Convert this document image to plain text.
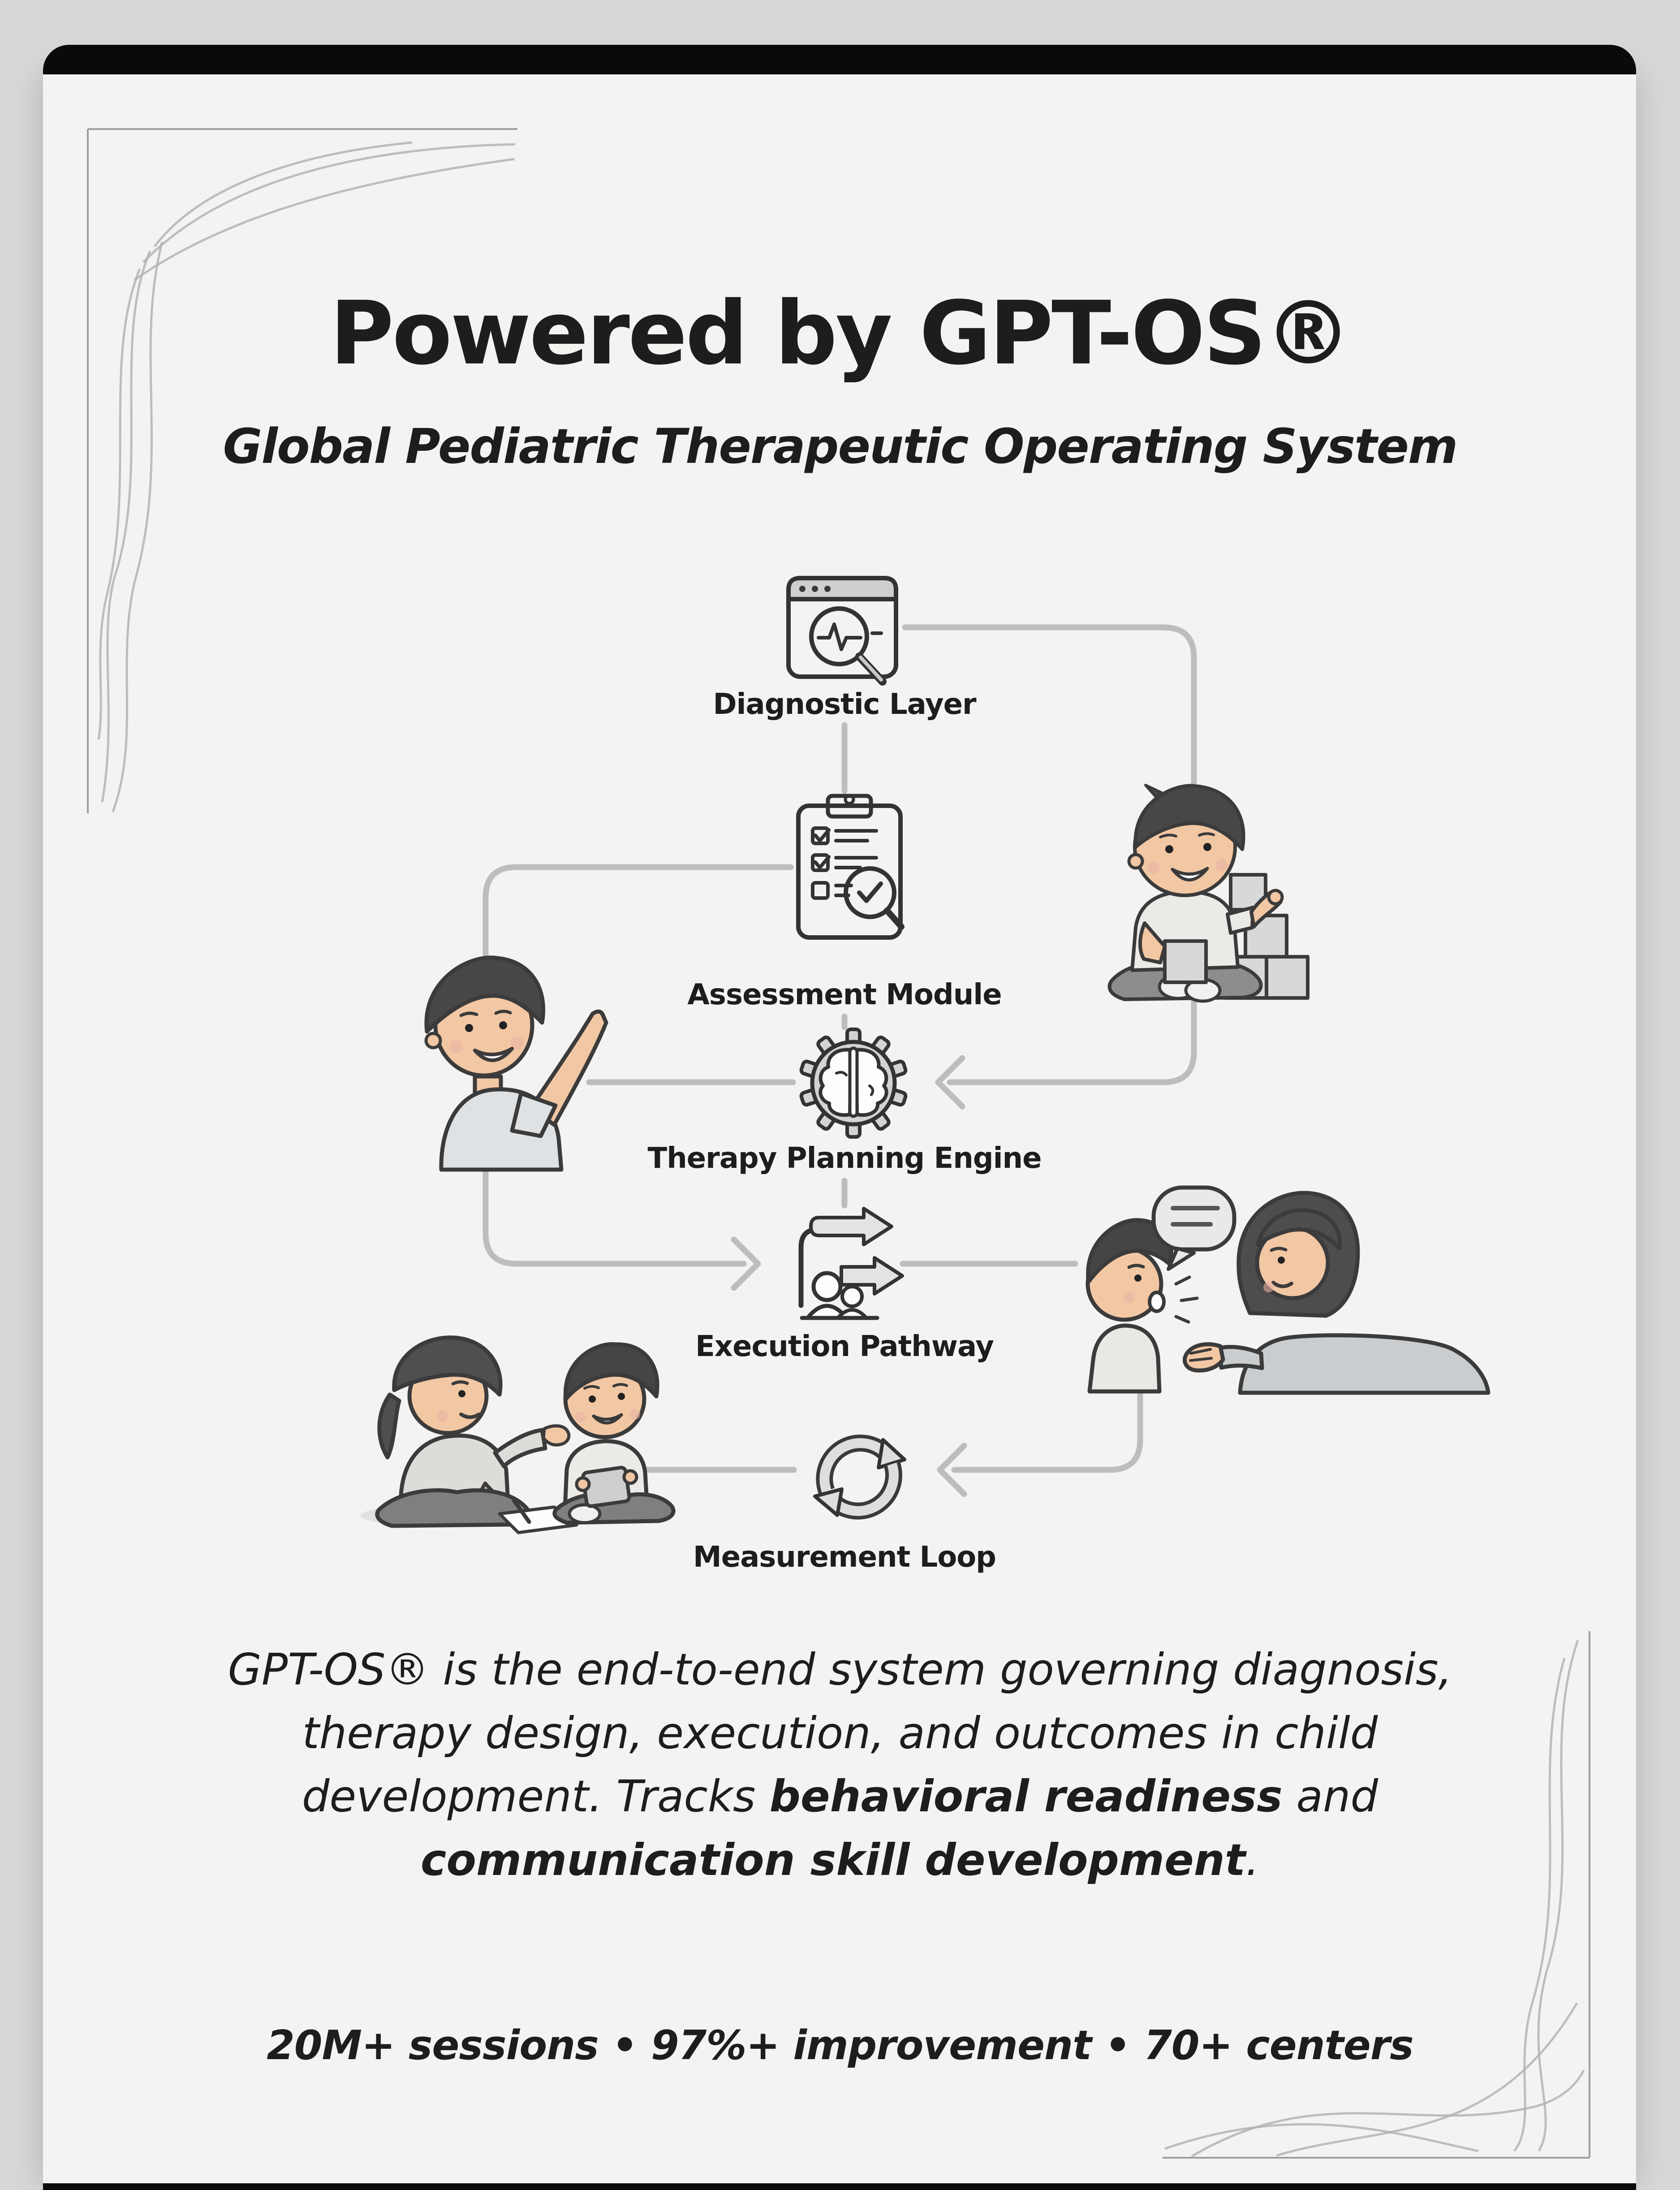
Powered by GPT-OS®
Global Pediatric Therapeutic Operating System
Diagnostic Layer
Assessment Module
Therapy Planning Engine
Execution Pathway
Measurement Loop
GPT-OS® is the end-to-end system governing diagnosis, therapy design, execution, and outcomes in child development. Tracks behavioral readiness and communication skill development.
20M+ sessions • 97%+ improvement • 70+ centers
